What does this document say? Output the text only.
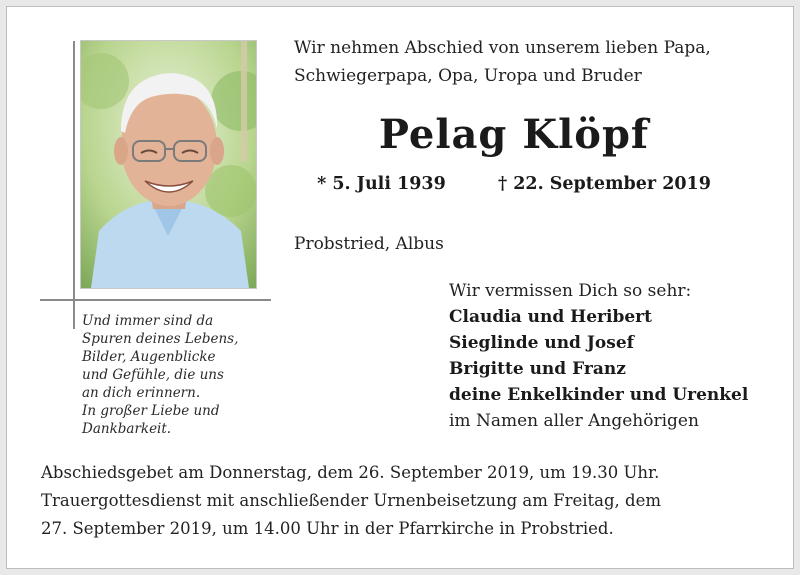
Und immer sind da
Spuren deines Lebens,
Bilder, Augenblicke
und Gefühle, die uns
an dich erinnern.
In großer Liebe und
Dankbarkeit.
Wir nehmen Abschied von unserem lieben Papa,
Schwiegerpapa, Opa, Uropa und Bruder
Pelag Klöpf
* 5. Juli 1939	† 22. September 2019
Probstried, Albus
Wir vermissen Dich so sehr:
Claudia und Heribert
Sieglinde und Josef
Brigitte und Franz
deine Enkelkinder und Urenkel
im Namen aller Angehörigen
Abschiedsgebet am Donnerstag, dem 26. September 2019, um 19.30 Uhr.
Trauergottesdienst mit anschließender Urnenbeisetzung am Freitag, dem
27. September 2019, um 14.00 Uhr in der Pfarrkirche in Probstried.
